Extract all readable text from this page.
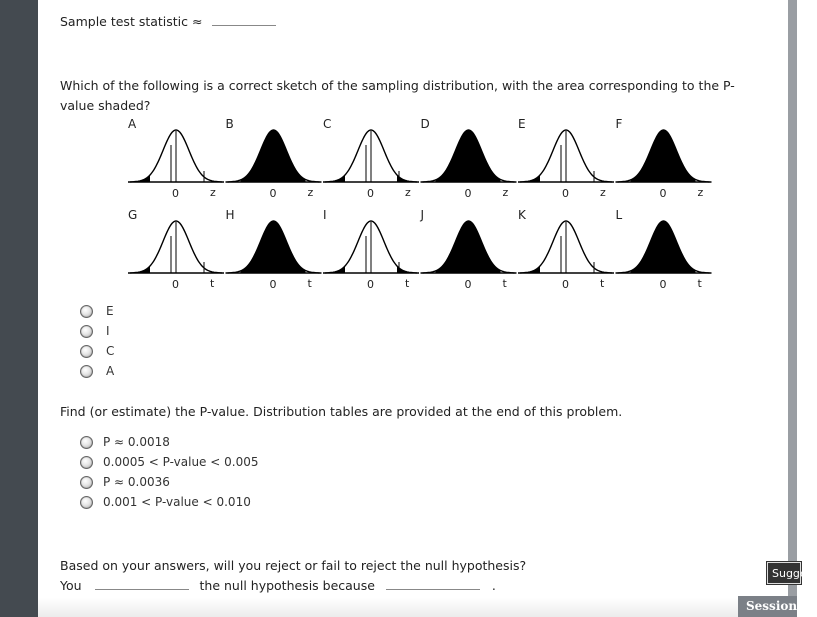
Sample test statistic ≈
Which of the following is a correct sketch of the sampling distribution, with the area corresponding to the P-value shaded?
A
0	z
B
0	z
C
0	z
D
0	z
E
0	z
F
0	z
G
0	t
H
0	t
I
0	t
J
0	t
K
0	t
L
0	t
E
I
C
A
Find (or estimate) the P-value. Distribution tables are provided at the end of this problem.
P ≈ 0.0018
0.0005 < P-value < 0.005
P ≈ 0.0036
0.001 < P-value < 0.010
Based on your answers, will you reject or fail to reject the null hypothesis?
You	the null hypothesis because	.
Suggest
Session
